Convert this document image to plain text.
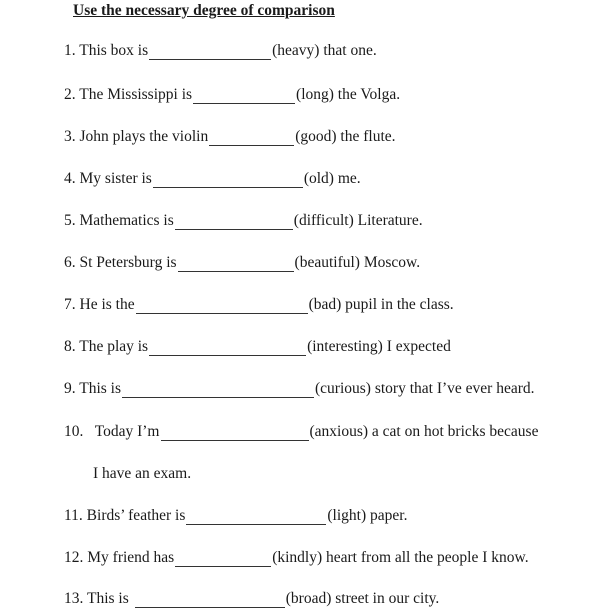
Use the necessary degree of comparison
1. This box is	(heavy) that one.
2. The Mississippi is	(long) the Volga.
3. John plays the violin	(good) the flute.
4. My sister is	(old) me.
5. Mathematics is	(difficult) Literature.
6. St Petersburg is	(beautiful) Moscow.
7. He is the	(bad) pupil in the class.
8. The play is	(interesting) I expected
9. This is	(curious) story that I’ve ever heard.
10.   Today I’m	(anxious) a cat on hot bricks because
I have an exam.
11. Birds’ feather is	(light) paper.
12. My friend has	(kindly) heart from all the people I know.
13. This is	(broad) street in our city.
